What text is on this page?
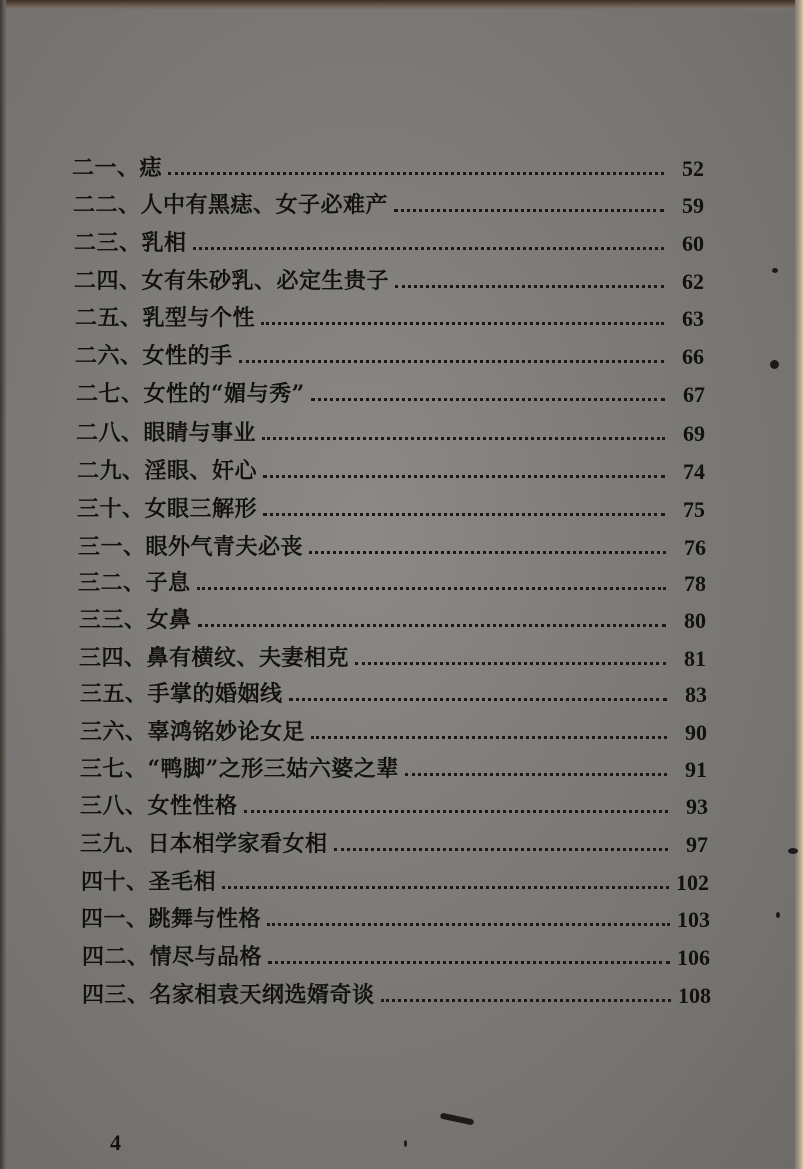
二一、痣	52
二二、人中有黑痣、女子必难产	59
二三、乳相	60
二四、女有朱砂乳、必定生贵子	62
二五、乳型与个性	63
二六、女性的手	66
二七、女性的“媚与秀”	67
二八、眼睛与事业	69
二九、淫眼、奸心	74
三十、女眼三解形	75
三一、眼外气青夫必丧	76
三二、子息	78
三三、女鼻	80
三四、鼻有横纹、夫妻相克	81
三五、手掌的婚姻线	83
三六、辜鸿铭妙论女足	90
三七、“鸭脚”之形三姑六婆之辈	91
三八、女性性格	93
三九、日本相学家看女相	97
四十、圣毛相	102
四一、跳舞与性格	103
四二、情尽与品格	106
四三、名家相袁天纲选婿奇谈	108
4
